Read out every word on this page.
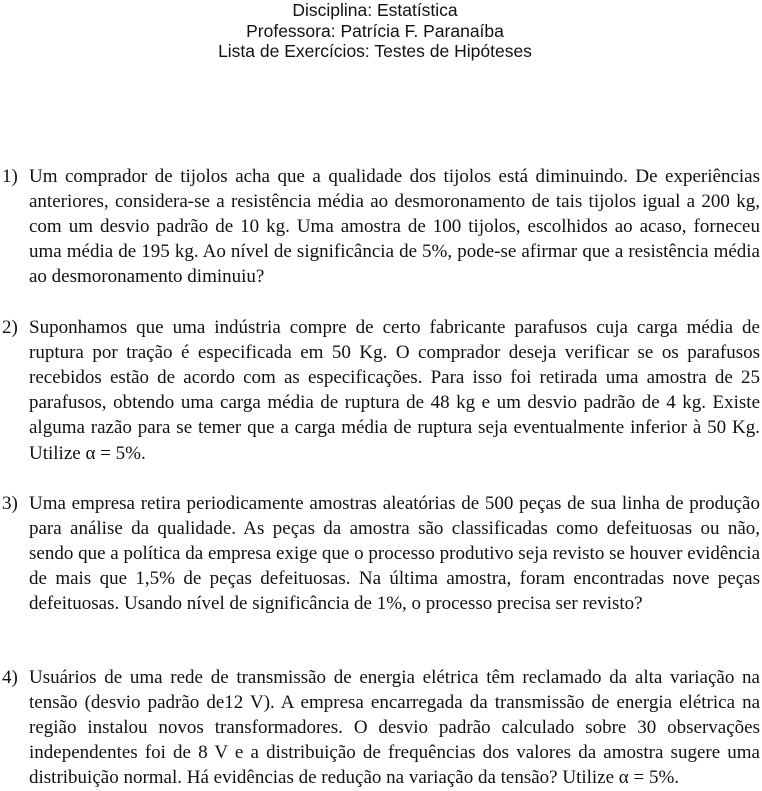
Disciplina: Estatística
Professora: Patrícia F. Paranaíba
Lista de Exercícios: Testes de Hipóteses
1) Um comprador de tijolos acha que a qualidade dos tijolos está diminuindo. De experiências anteriores, considera-se a resistência média ao desmoronamento de tais tijolos igual a 200 kg, com um desvio padrão de 10 kg. Uma amostra de 100 tijolos, escolhidos ao acaso, forneceu uma média de 195 kg. Ao nível de significância de 5%, pode-se afirmar que a resistência média ao desmoronamento diminuiu?
2) Suponhamos que uma indústria compre de certo fabricante parafusos cuja carga média de ruptura por tração é especificada em 50 Kg. O comprador deseja verificar se os parafusos recebidos estão de acordo com as especificações. Para isso foi retirada uma amostra de 25 parafusos, obtendo uma carga média de ruptura de 48 kg e um desvio padrão de 4 kg. Existe alguma razão para se temer que a carga média de ruptura seja eventualmente inferior à 50 Kg. Utilize α = 5%.
3) Uma empresa retira periodicamente amostras aleatórias de 500 peças de sua linha de produção para análise da qualidade. As peças da amostra são classificadas como defeituosas ou não, sendo que a política da empresa exige que o processo produtivo seja revisto se houver evidência de mais que 1,5% de peças defeituosas. Na última amostra, foram encontradas nove peças defeituosas. Usando nível de significância de 1%, o processo precisa ser revisto?
4) Usuários de uma rede de transmissão de energia elétrica têm reclamado da alta variação na tensão (desvio padrão de12 V). A empresa encarregada da transmissão de energia elétrica na região instalou novos transformadores. O desvio padrão calculado sobre 30 observações independentes foi de 8 V e a distribuição de frequências dos valores da amostra sugere uma distribuição normal. Há evidências de redução na variação da tensão? Utilize α = 5%.
